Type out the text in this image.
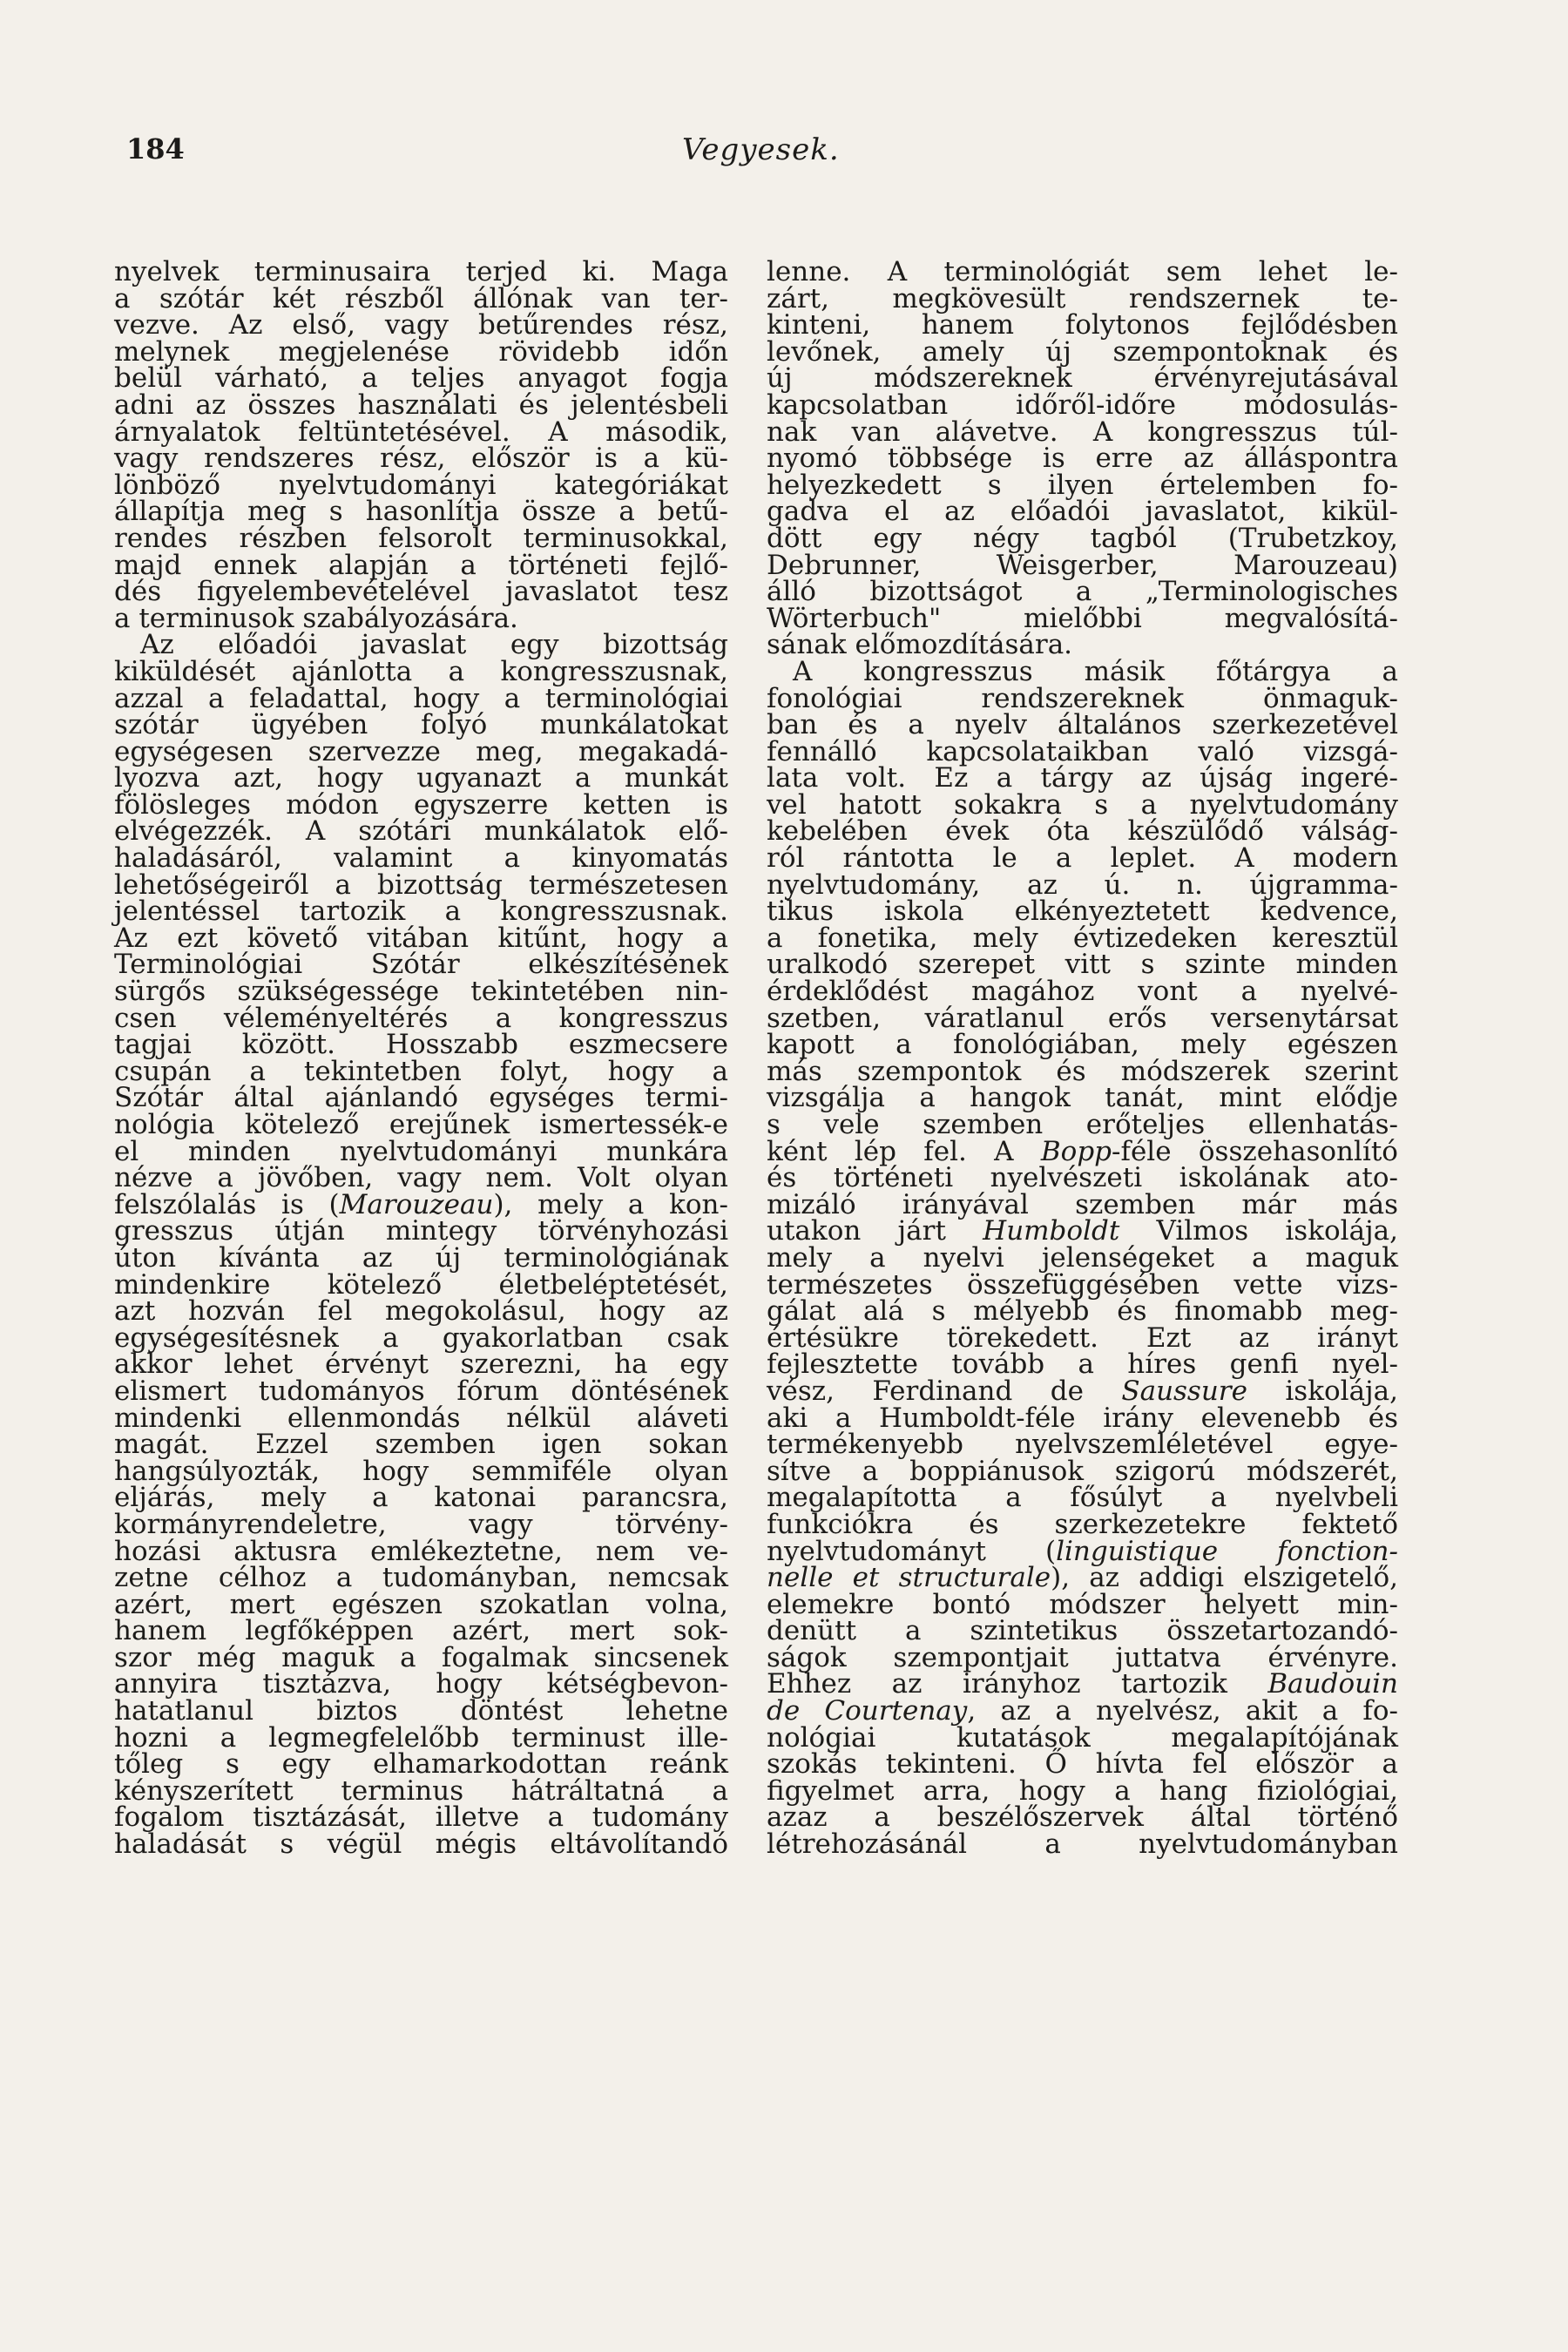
184	Vegyesek.
nyelvek terminusaira terjed ki. Maga
a szótár két részből állónak van ter-
vezve. Az első, vagy betűrendes rész,
melynek megjelenése rövidebb időn
belül várható, a teljes anyagot fogja
adni az összes használati és jelentésbeli
árnyalatok feltüntetésével. A második,
vagy rendszeres rész, először is a kü-
lönböző nyelvtudományi kategóriákat
állapítja meg s hasonlítja össze a betű-
rendes részben felsorolt terminusokkal,
majd ennek alapján a történeti fejlő-
dés figyelembevételével javaslatot tesz
a terminusok szabályozására.
Az előadói javaslat egy bizottság
kiküldését ajánlotta a kongresszusnak,
azzal a feladattal, hogy a terminológiai
szótár ügyében folyó munkálatokat
egységesen szervezze meg, megakadá-
lyozva azt, hogy ugyanazt a munkát
fölösleges módon egyszerre ketten is
elvégezzék. A szótári munkálatok elő-
haladásáról, valamint a kinyomatás
lehetőségeiről a bizottság természetesen
jelentéssel tartozik a kongresszusnak.
Az ezt követő vitában kitűnt, hogy a
Terminológiai Szótár elkészítésének
sürgős szükségessége tekintetében nin-
csen véleményeltérés a kongresszus
tagjai között. Hosszabb eszmecsere
csupán a tekintetben folyt, hogy a
Szótár által ajánlandó egységes termi-
nológia kötelező erejűnek ismertessék-e
el minden nyelvtudományi munkára
nézve a jövőben, vagy nem. Volt olyan
felszólalás is (Marouzeau), mely a kon-
gresszus útján mintegy törvényhozási
úton kívánta az új terminológiának
mindenkire kötelező életbeléptetését,
azt hozván fel megokolásul, hogy az
egységesítésnek a gyakorlatban csak
akkor lehet érvényt szerezni, ha egy
elismert tudományos fórum döntésének
mindenki ellenmondás nélkül aláveti
magát. Ezzel szemben igen sokan
hangsúlyozták, hogy semmiféle olyan
eljárás, mely a katonai parancsra,
kormányrendeletre, vagy törvény-
hozási aktusra emlékeztetne, nem ve-
zetne célhoz a tudományban, nemcsak
azért, mert egészen szokatlan volna,
hanem legfőképpen azért, mert sok-
szor még maguk a fogalmak sincsenek
annyira tisztázva, hogy kétségbevon-
hatatlanul biztos döntést lehetne
hozni a legmegfelelőbb terminust ille-
tőleg s egy elhamarkodottan reánk
kényszerített terminus hátráltatná a
fogalom tisztázását, illetve a tudomány
haladását s végül mégis eltávolítandó
lenne. A terminológiát sem lehet le-
zárt, megkövesült rendszernek te-
kinteni, hanem folytonos fejlődésben
levőnek, amely új szempontoknak és
új módszereknek érvényrejutásával
kapcsolatban időről-időre módosulás-
nak van alávetve. A kongresszus túl-
nyomó többsége is erre az álláspontra
helyezkedett s ilyen értelemben fo-
gadva el az előadói javaslatot, kikül-
dött egy négy tagból (Trubetzkoy,
Debrunner, Weisgerber, Marouzeau)
álló bizottságot a „Terminologisches
Wörterbuch" mielőbbi megvalósítá-
sának előmozdítására.
A kongresszus másik főtárgya a
fonológiai rendszereknek önmaguk-
ban és a nyelv általános szerkezetével
fennálló kapcsolataikban való vizsgá-
lata volt. Ez a tárgy az újság ingeré-
vel hatott sokakra s a nyelvtudomány
kebelében évek óta készülődő válság-
ról rántotta le a leplet. A modern
nyelvtudomány, az ú. n. újgramma-
tikus iskola elkényeztetett kedvence,
a fonetika, mely évtizedeken keresztül
uralkodó szerepet vitt s szinte minden
érdeklődést magához vont a nyelvé-
szetben, váratlanul erős versenytársat
kapott a fonológiában, mely egészen
más szempontok és módszerek szerint
vizsgálja a hangok tanát, mint elődje
s vele szemben erőteljes ellenhatás-
ként lép fel. A Bopp-féle összehasonlító
és történeti nyelvészeti iskolának ato-
mizáló irányával szemben már más
utakon járt Humboldt Vilmos iskolája,
mely a nyelvi jelenségeket a maguk
természetes összefüggésében vette vizs-
gálat alá s mélyebb és finomabb meg-
értésükre törekedett. Ezt az irányt
fejlesztette tovább a híres genfi nyel-
vész, Ferdinand de Saussure iskolája,
aki a Humboldt-féle irány elevenebb és
termékenyebb nyelvszemléletével egye-
sítve a boppiánusok szigorú módszerét,
megalapította a fősúlyt a nyelvbeli
funkciókra és szerkezetekre fektető
nyelvtudományt (linguistique fonction-
nelle et structurale), az addigi elszigetelő,
elemekre bontó módszer helyett min-
denütt a szintetikus összetartozandó-
ságok szempontjait juttatva érvényre.
Ehhez az irányhoz tartozik Baudouin
de Courtenay, az a nyelvész, akit a fo-
nológiai kutatások megalapítójának
szokás tekinteni. Ő hívta fel először a
figyelmet arra, hogy a hang fiziológiai,
azaz a beszélőszervek által történő
létrehozásánál a nyelvtudományban
